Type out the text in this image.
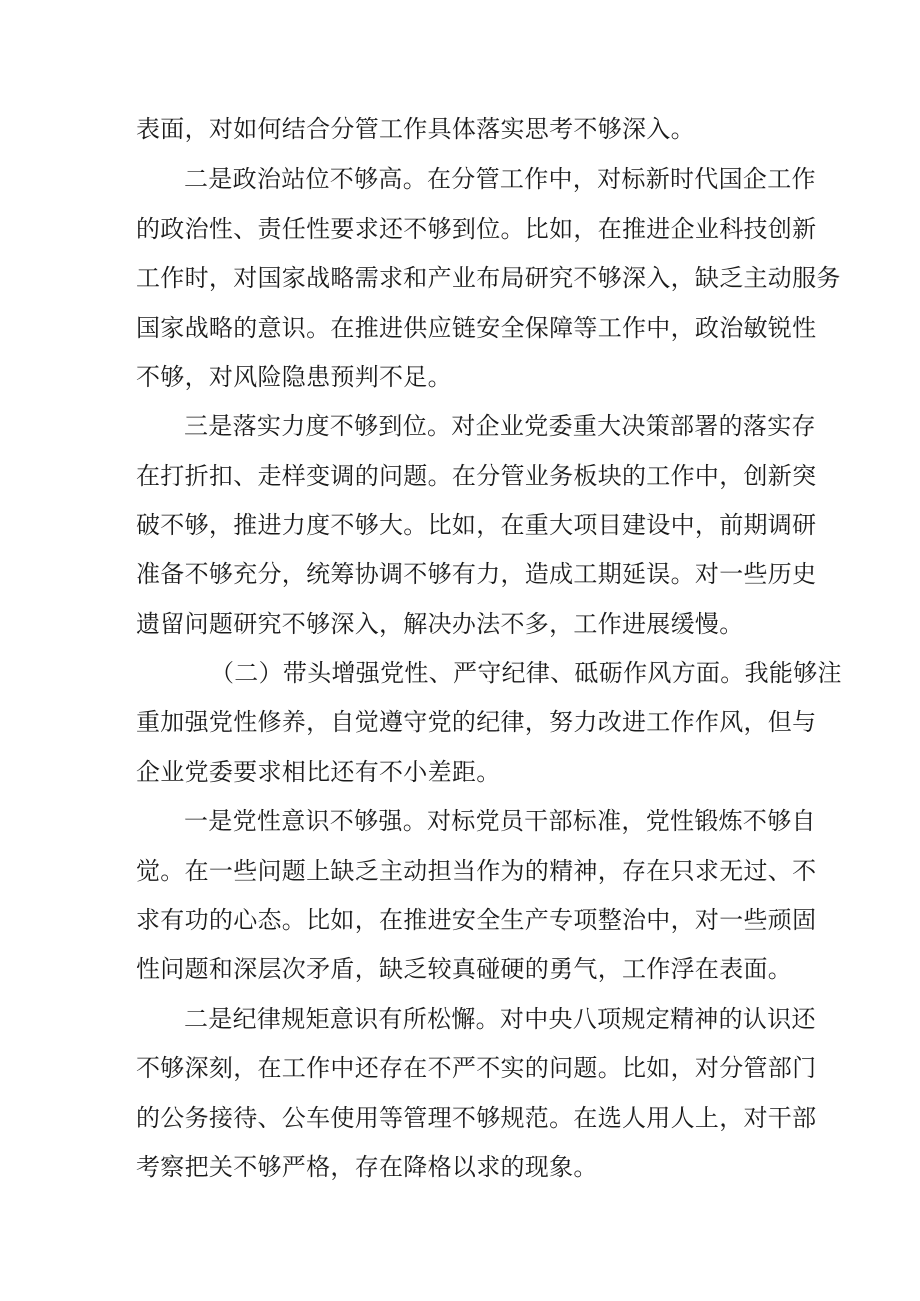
表面，对如何结合分管工作具体落实思考不够深入。
二是政治站位不够高。在分管工作中，对标新时代国企工作
的政治性、责任性要求还不够到位。比如，在推进企业科技创新
工作时，对国家战略需求和产业布局研究不够深入，缺乏主动服务
国家战略的意识。在推进供应链安全保障等工作中，政治敏锐性
不够，对风险隐患预判不足。
三是落实力度不够到位。对企业党委重大决策部署的落实存
在打折扣、走样变调的问题。在分管业务板块的工作中，创新突
破不够，推进力度不够大。比如，在重大项目建设中，前期调研
准备不够充分，统筹协调不够有力，造成工期延误。对一些历史
遗留问题研究不够深入，解决办法不多，工作进展缓慢。
（二）带头增强党性、严守纪律、砥砺作风方面。我能够注
重加强党性修养，自觉遵守党的纪律，努力改进工作作风，但与
企业党委要求相比还有不小差距。
一是党性意识不够强。对标党员干部标准，党性锻炼不够自
觉。在一些问题上缺乏主动担当作为的精神，存在只求无过、不
求有功的心态。比如，在推进安全生产专项整治中，对一些顽固
性问题和深层次矛盾，缺乏较真碰硬的勇气，工作浮在表面。
二是纪律规矩意识有所松懈。对中央八项规定精神的认识还
不够深刻，在工作中还存在不严不实的问题。比如，对分管部门
的公务接待、公车使用等管理不够规范。在选人用人上，对干部
考察把关不够严格，存在降格以求的现象。
